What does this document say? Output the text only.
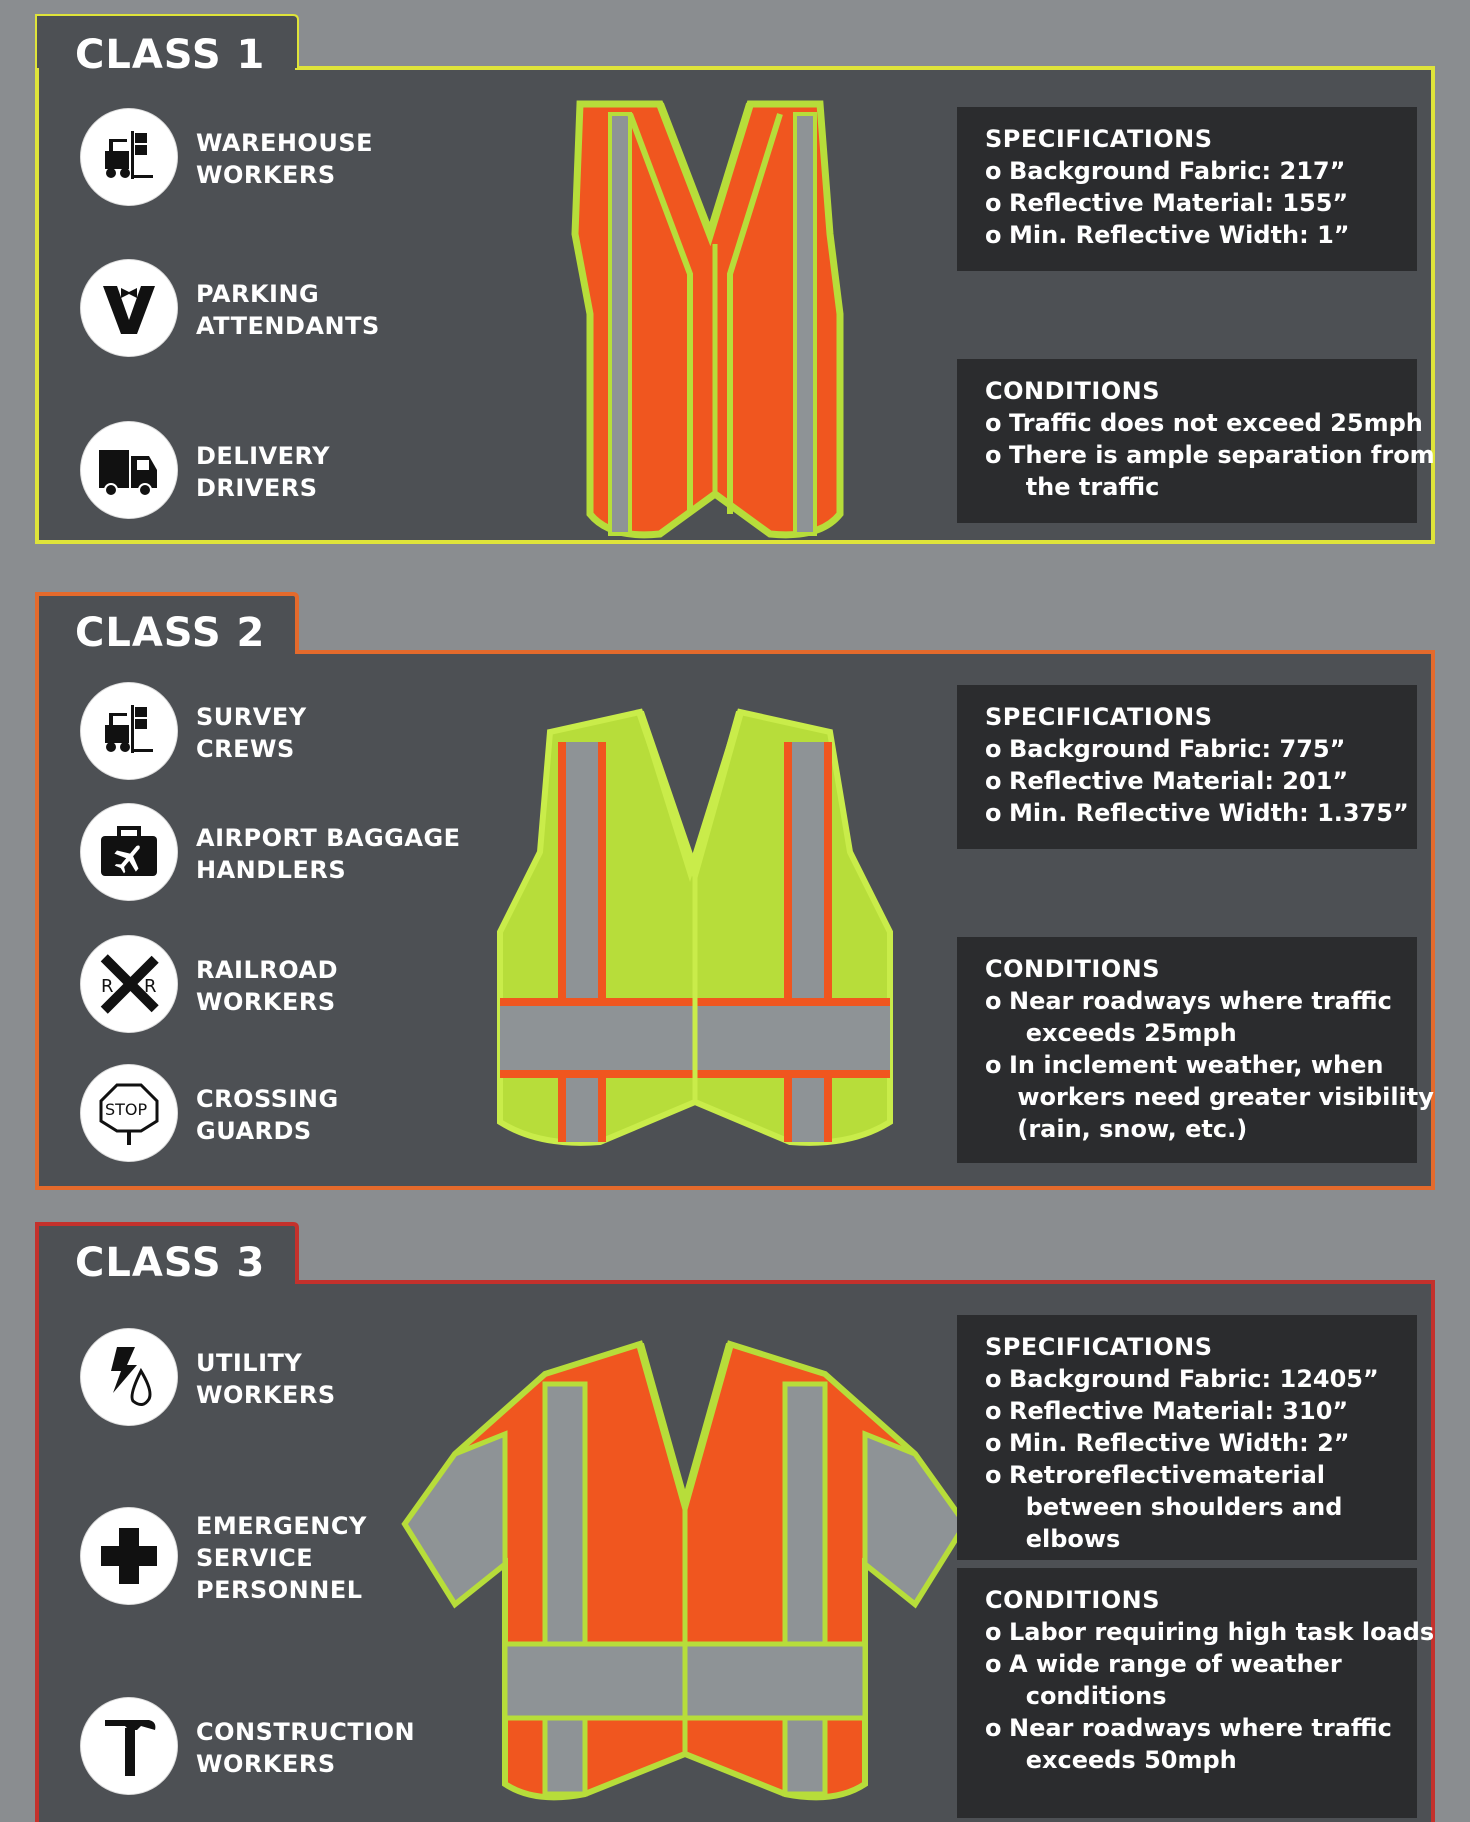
CLASS 1
WAREHOUSE
WORKERS
PARKING
ATTENDANTS
DELIVERY
DRIVERS
SPECIFICATIONS
o Background Fabric: 217”
o Reflective Material: 155”
o Min. Reflective Width: 1”
CONDITIONS
o Traffic does not exceed 25mph
o There is ample separation from
the traffic
CLASS 2
SURVEY
CREWS
AIRPORT BAGGAGE
HANDLERS
R R
RAILROAD
WORKERS
STOP CROSSING
GUARDS
SPECIFICATIONS
o Background Fabric: 775”
o Reflective Material: 201”
o Min. Reflective Width: 1.375”
CONDITIONS
o Near roadways where traffic
exceeds 25mph
o In inclement weather, when
workers need greater visibility
(rain, snow, etc.)
CLASS 3
UTILITY
WORKERS
EMERGENCY
SERVICE
PERSONNEL
CONSTRUCTION
WORKERS
SPECIFICATIONS
o Background Fabric: 12405”
o Reflective Material: 310”
o Min. Reflective Width: 2”
o Retroreflectivematerial
between shoulders and
elbows
CONDITIONS
o Labor requiring high task loads
o A wide range of weather
conditions
o Near roadways where traffic
exceeds 50mph
